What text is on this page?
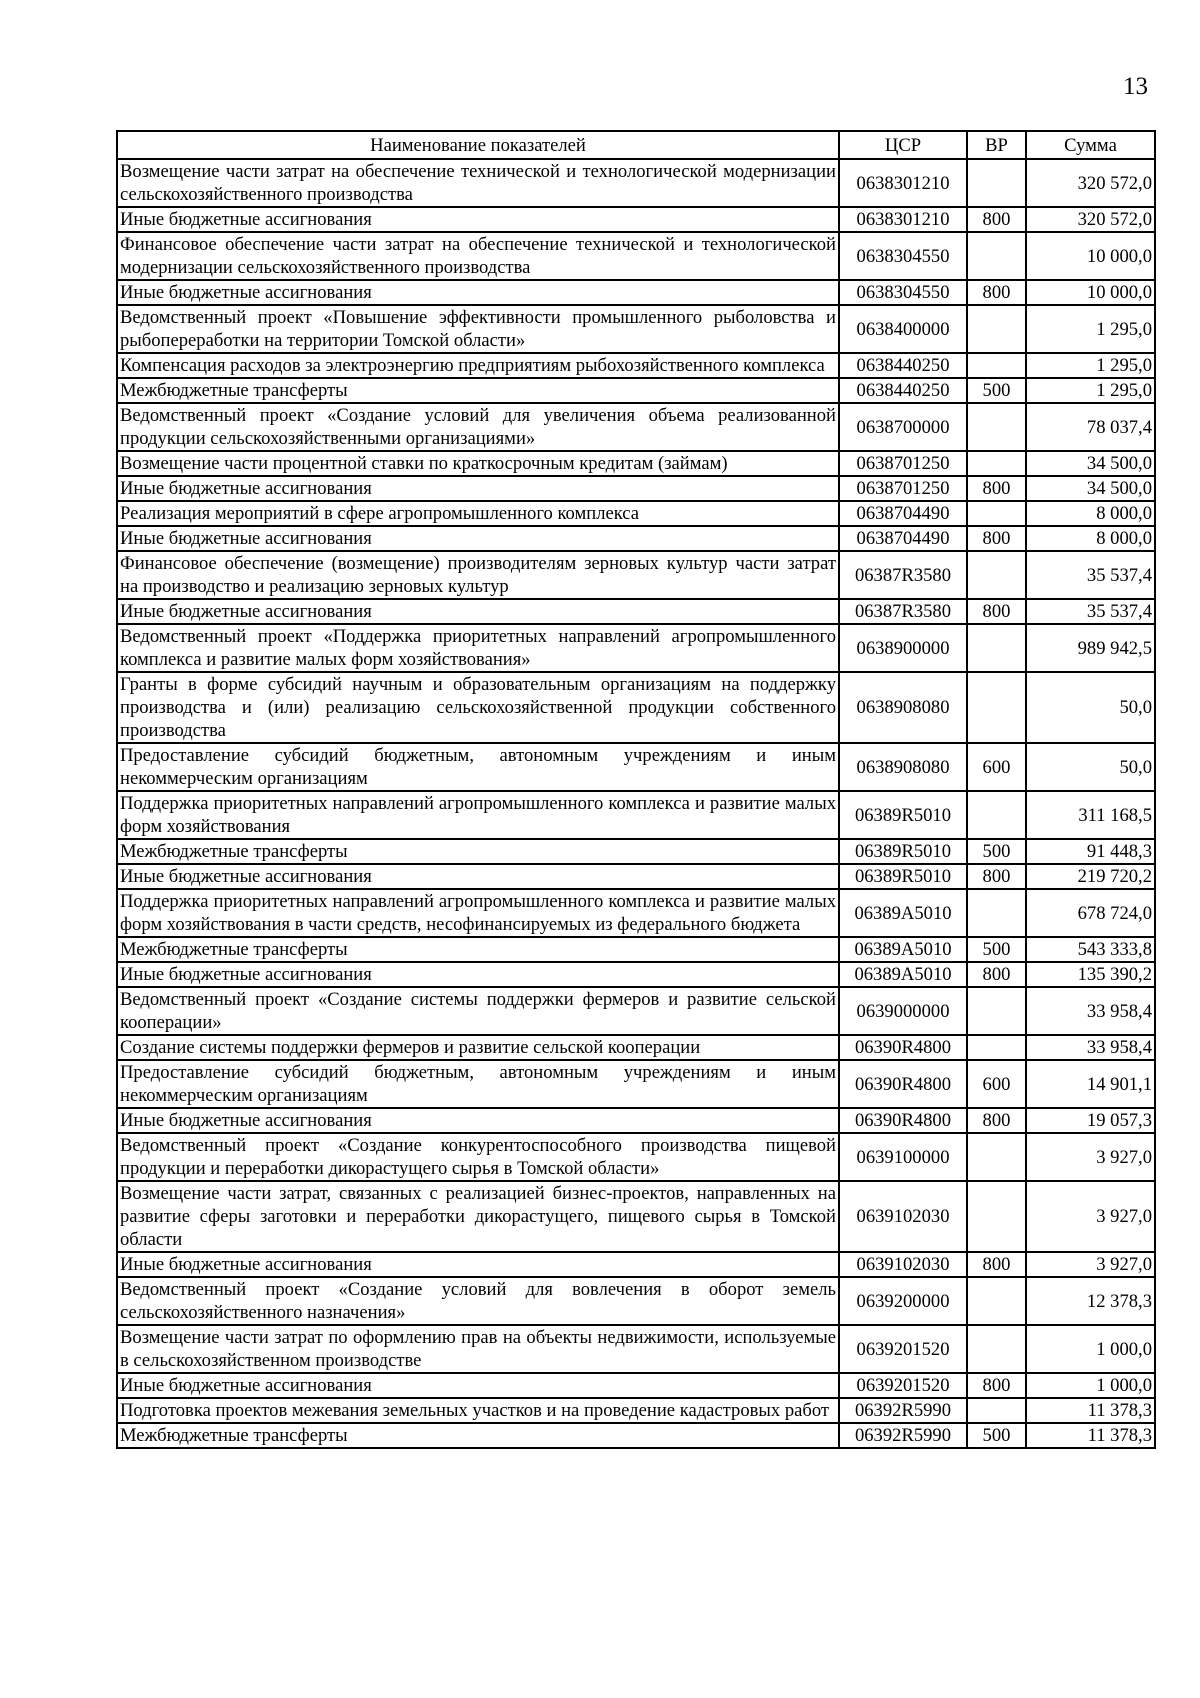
13
Наименование показателей	ЦСР	ВР	Сумма
Возмещение части затрат на обеспечение технической и технологической модернизации сельскохозяйственного производства	0638301210		320 572,0
Иные бюджетные ассигнования	0638301210	800	320 572,0
Финансовое обеспечение части затрат на обеспечение технической и технологической модернизации сельскохозяйственного производства	0638304550		10 000,0
Иные бюджетные ассигнования	0638304550	800	10 000,0
Ведомственный проект «Повышение эффективности промышленного рыболовства и рыбопереработки на территории Томской области»	0638400000		1 295,0
Компенсация расходов за электроэнергию предприятиям рыбохозяйственного комплекса	0638440250		1 295,0
Межбюджетные трансферты	0638440250	500	1 295,0
Ведомственный проект «Создание условий для увеличения объема реализованной продукции сельскохозяйственными организациями»	0638700000		78 037,4
Возмещение части процентной ставки по краткосрочным кредитам (займам)	0638701250		34 500,0
Иные бюджетные ассигнования	0638701250	800	34 500,0
Реализация мероприятий в сфере агропромышленного комплекса	0638704490		8 000,0
Иные бюджетные ассигнования	0638704490	800	8 000,0
Финансовое обеспечение (возмещение) производителям зерновых культур части затрат на производство и реализацию зерновых культур	06387R3580		35 537,4
Иные бюджетные ассигнования	06387R3580	800	35 537,4
Ведомственный проект «Поддержка приоритетных направлений агропромышленного комплекса и развитие малых форм хозяйствования»	0638900000		989 942,5
Гранты в форме субсидий научным и образовательным организациям на поддержку производства и (или) реализацию сельскохозяйственной продукции собственного производства	0638908080		50,0
Предоставление субсидий бюджетным, автономным учреждениям и иным некоммерческим организациям	0638908080	600	50,0
Поддержка приоритетных направлений агропромышленного комплекса и развитие малых форм хозяйствования	06389R5010		311 168,5
Межбюджетные трансферты	06389R5010	500	91 448,3
Иные бюджетные ассигнования	06389R5010	800	219 720,2
Поддержка приоритетных направлений агропромышленного комплекса и развитие малых форм хозяйствования в части средств, несофинансируемых из федерального бюджета	06389A5010		678 724,0
Межбюджетные трансферты	06389A5010	500	543 333,8
Иные бюджетные ассигнования	06389A5010	800	135 390,2
Ведомственный проект «Создание системы поддержки фермеров и развитие сельской кооперации»	0639000000		33 958,4
Создание системы поддержки фермеров и развитие сельской кооперации	06390R4800		33 958,4
Предоставление субсидий бюджетным, автономным учреждениям и иным некоммерческим организациям	06390R4800	600	14 901,1
Иные бюджетные ассигнования	06390R4800	800	19 057,3
Ведомственный проект «Создание конкурентоспособного производства пищевой продукции и переработки дикорастущего сырья в Томской области»	0639100000		3 927,0
Возмещение части затрат, связанных с реализацией бизнес-проектов, направленных на развитие сферы заготовки и переработки дикорастущего, пищевого сырья в Томской области	0639102030		3 927,0
Иные бюджетные ассигнования	0639102030	800	3 927,0
Ведомственный проект «Создание условий для вовлечения в оборот земель сельскохозяйственного назначения»	0639200000		12 378,3
Возмещение части затрат по оформлению прав на объекты недвижимости, используемые в сельскохозяйственном производстве	0639201520		1 000,0
Иные бюджетные ассигнования	0639201520	800	1 000,0
Подготовка проектов межевания земельных участков и на проведение кадастровых работ	06392R5990		11 378,3
Межбюджетные трансферты	06392R5990	500	11 378,3
